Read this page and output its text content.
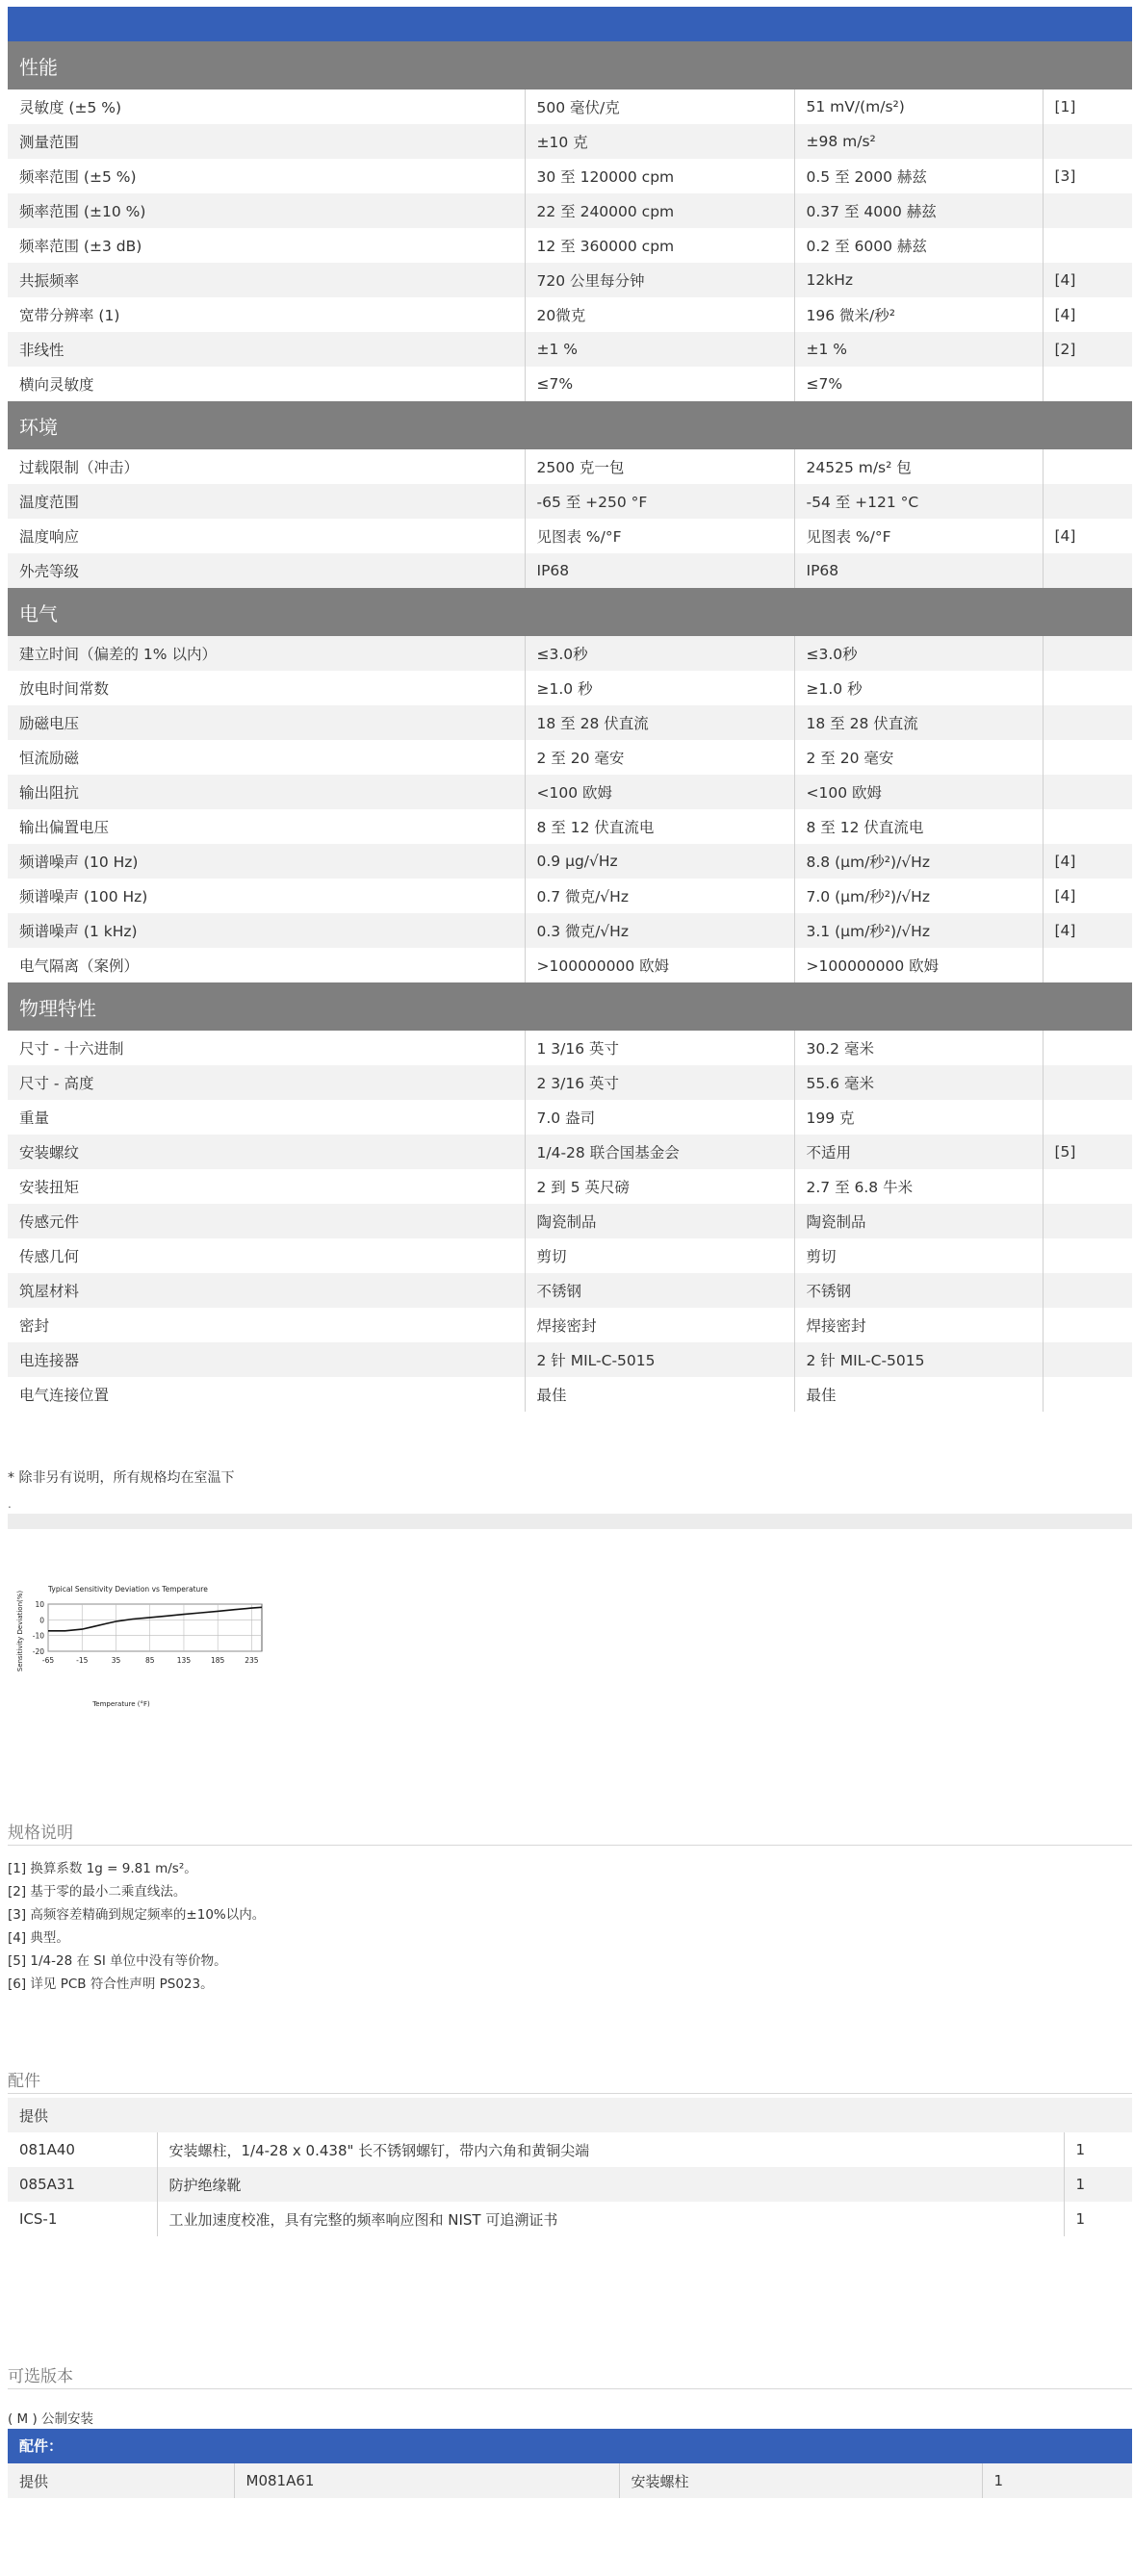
性能			
灵敏度 (±5 %)	500 毫伏/克	51 mV/(m/s²)	[1]
测量范围	±10 克	±98 m/s²	
频率范围 (±5 %)	30 至 120000 cpm	0.5 至 2000 赫兹	[3]
频率范围 (±10 %)	22 至 240000 cpm	0.37 至 4000 赫兹	
频率范围 (±3 dB)	12 至 360000 cpm	0.2 至 6000 赫兹	
共振频率	720 公里每分钟	12kHz	[4]
宽带分辨率 (1)	20微克	196 微米/秒²	[4]
非线性	±1 %	±1 %	[2]
横向灵敏度	≤7%	≤7%	
环境			
过载限制（冲击）	2500 克一包	24525 m/s² 包	
温度范围	-65 至 +250 °F	-54 至 +121 °C	
温度响应	见图表 %/°F	见图表 %/°F	[4]
外壳等级	IP68	IP68	
电气			
建立时间（偏差的 1% 以内）	≤3.0秒	≤3.0秒	
放电时间常数	≥1.0 秒	≥1.0 秒	
励磁电压	18 至 28 伏直流	18 至 28 伏直流	
恒流励磁	2 至 20 毫安	2 至 20 毫安	
输出阻抗	<100 欧姆	<100 欧姆	
输出偏置电压	8 至 12 伏直流电	8 至 12 伏直流电	
频谱噪声 (10 Hz)	0.9 μg/√Hz	8.8 (μm/秒²)/√Hz	[4]
频谱噪声 (100 Hz)	0.7 微克/√Hz	7.0 (μm/秒²)/√Hz	[4]
频谱噪声 (1 kHz)	0.3 微克/√Hz	3.1 (μm/秒²)/√Hz	[4]
电气隔离（案例）	>100000000 欧姆	>100000000 欧姆	
物理特性			
尺寸 - 十六进制	1 3/16 英寸	30.2 毫米	
尺寸 - 高度	2 3/16 英寸	55.6 毫米	
重量	7.0 盎司	199 克	
安装螺纹	1/4-28 联合国基金会	不适用	[5]
安装扭矩	2 到 5 英尺磅	2.7 至 6.8 牛米	
传感元件	陶瓷制品	陶瓷制品	
传感几何	剪切	剪切	
筑屋材料	不锈钢	不锈钢	
密封	焊接密封	焊接密封	
电连接器	2 针 MIL-C-5015	2 针 MIL-C-5015	
电气连接位置	最佳	最佳	
* 除非另有说明，所有规格均在室温下
.
Typical Sensitivity Deviation vs Temperature
10
0
-10
-20
-65	-15	35	85	135	185	235
Temperature (°F)
Sensitivity Deviation(%)
规格说明
[1] 换算系数 1g = 9.81 m/s²。
[2] 基于零的最小二乘直线法。
[3] 高频容差精确到规定频率的±10%以内。
[4] 典型。
[5] 1/4-28 在 SI 单位中没有等价物。
[6] 详见 PCB 符合性声明 PS023。
配件
提供		
081A40	安装螺柱，1/4-28 x 0.438" 长不锈钢螺钉，带内六角和黄铜尖端	1
085A31	防护绝缘靴	1
ICS-1	工业加速度校准，具有完整的频率响应图和 NIST 可追溯证书	1
可选版本
( M ) 公制安装
配件：
提供	M081A61	安装螺柱	1
